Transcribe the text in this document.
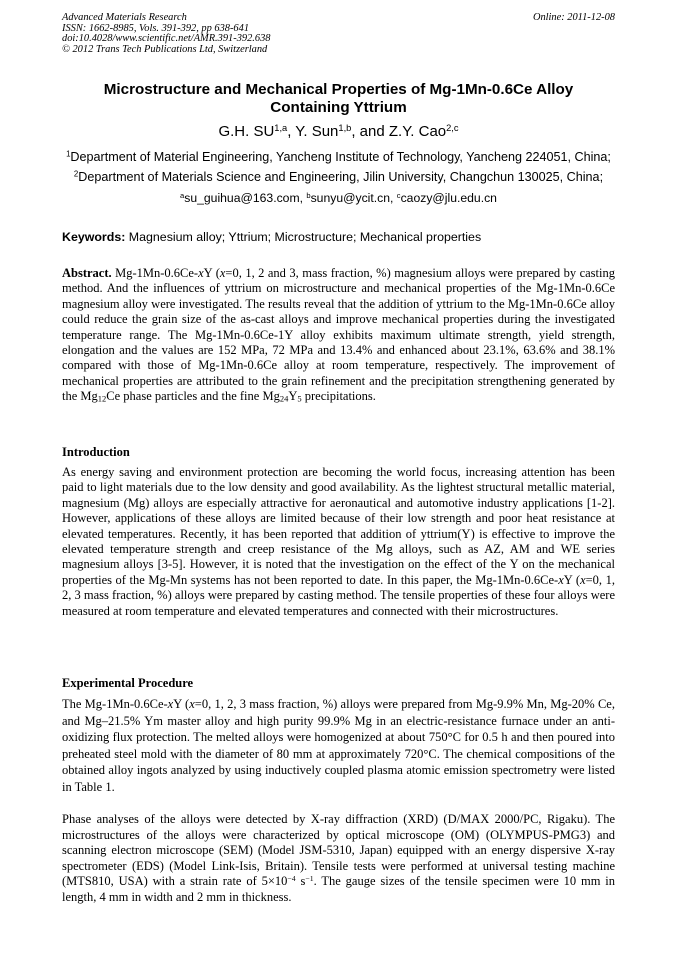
Advanced Materials Research
ISSN: 1662-8985, Vols. 391-392, pp 638-641
doi:10.4028/www.scientific.net/AMR.391-392.638
© 2012 Trans Tech Publications Ltd, Switzerland
Online: 2011-12-08
Microstructure and Mechanical Properties of Mg-1Mn-0.6Ce Alloy
Containing Yttrium
G.H. SU$^{1,a}$, Y. Sun$^{1,b}$, and Z.Y. Cao$^{2,c}$
$^1$Department of Material Engineering, Yancheng Institute of Technology, Yancheng 224051, China;
$^2$Department of Materials Science and Engineering, Jilin University, Changchun 130025, China;
$^a$su_guihua@163.com, $^b$sunyu@ycit.cn, $^c$caozy@jlu.edu.cn
Keywords: Magnesium alloy; Yttrium; Microstructure; Mechanical properties

Abstract. Mg-1Mn-0.6Ce-xY (x=0, 1, 2 and 3, mass fraction, %) magnesium alloys were prepared by casting method. And the influences of yttrium on microstructure and mechanical properties of the Mg-1Mn-0.6Ce magnesium alloy were investigated. The results reveal that the addition of yttrium to the Mg-1Mn-0.6Ce alloy could reduce the grain size of the as-cast alloys and improve mechanical properties during the investigated temperature range. The Mg-1Mn-0.6Ce-1Y alloy exhibits maximum ultimate strength, yield strength, elongation and the values are 152 MPa, 72 MPa and 13.4% and enhanced about 23.1%, 63.6% and 38.1% compared with those of Mg-1Mn-0.6Ce alloy at room temperature, respectively. The improvement of mechanical properties are attributed to the grain refinement and the precipitation strengthening generated by the $Mg_{12}Ce$ phase particles and the fine $Mg_{24}Y_5$ precipitations.

Introduction

As energy saving and environment protection are becoming the world focus, increasing attention has been paid to light materials due to the low density and good availability. As the lightest structural metallic material, magnesium (Mg) alloys are especially attractive for aeronautical and automotive industry applications [1-2]. However, applications of these alloys are limited because of their low strength and poor heat resistance at elevated temperatures. Recently, it has been reported that addition of yttrium(Y) is effective to improve the elevated temperature strength and creep resistance of the Mg alloys, such as AZ, AM and WE series magnesium alloys [3-5]. However, it is noted that the investigation on the effect of the Y on the mechanical properties of the Mg-Mn systems has not been reported to date. In this paper, the Mg-1Mn-0.6Ce-xY (x=0, 1, 2, 3 mass fraction, %) alloys were prepared by casting method. The tensile properties of these four alloys were measured at room temperature and elevated temperatures and connected with their microstructures.

Experimental Procedure

The Mg-1Mn-0.6Ce-xY (x=0, 1, 2, 3 mass fraction, %) alloys were prepared from Mg-9.9% Mn, Mg-20% Ce, and Mg–21.5% Ym master alloy and high purity 99.9% Mg in an electric-resistance furnace under an anti-oxidizing flux protection. The melted alloys were homogenized at about 750°C for 0.5 h and then poured into preheated steel mold with the diameter of 80 mm at approximately 720°C. The chemical compositions of the obtained alloy ingots analyzed by using inductively coupled plasma atomic emission spectrometry were listed in Table 1.

Phase analyses of the alloys were detected by X-ray diffraction (XRD) (D/MAX 2000/PC, Rigaku). The microstructures of the alloys were characterized by optical microscope (OM) (OLYMPUS-PMG3) and scanning electron microscope (SEM) (Model JSM-5310, Japan) equipped with an energy dispersive X-ray spectrometer (EDS) (Model Link-Isis, Britain). Tensile tests were performed at universal testing machine (MTS810, USA) with a strain rate of $5\times 10^{-4}$ $s^{-1}$. The gauge sizes of the tensile specimen were 10 mm in length, 4 mm in width and 2 mm in thickness.
